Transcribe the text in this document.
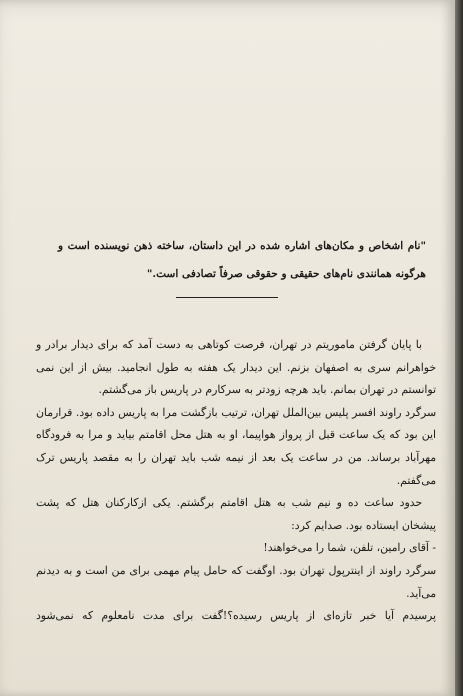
"نام اشخاص و مکان‌های اشاره شده در این داستان، ساخته ذهن نویسنده است و هرگونه همانندی نام‌های حقیقی و حقوقی صرفاً تصادفی است."

با پایان گرفتن ماموریتم در تهران، فرصت کوتاهی به دست آمد که برای دیدار برادر و خواهرانم سری به اصفهان بزنم. این دیدار یک هفته به طول انجامید. بیش از این نمی توانستم در تهران بمانم. باید هرچه زودتر به سرکارم در پاریس باز می‌گشتم.

سرگرد راوند افسر پلیس بین‌الملل تهران، ترتیب بازگشت مرا به پاریس داده بود. قرارمان این بود که یک ساعت قبل از پرواز هواپیما، او به هتل محل اقامتم بیاید و مرا به فرودگاه مهرآباد برساند. من در ساعت یک بعد از نیمه شب باید تهران را به مقصد پاریس ترک می‌گفتم.

حدود ساعت ده و نیم شب به هتل اقامتم برگشتم. یکی ازکارکنان هتل که پشت پیشخان ایستاده بود. صدایم کرد:

- آقای رامین، تلفن، شما را می‌خواهند!

سرگرد راوند از اینترپول تهران بود. اوگفت که حامل پیام مهمی برای من است و به دیدنم می‌آید.

پرسیدم آیا خبر تازه‌ای از پاریس رسیده؟!گفت برای مدت نامعلوم که نمی‌شود
